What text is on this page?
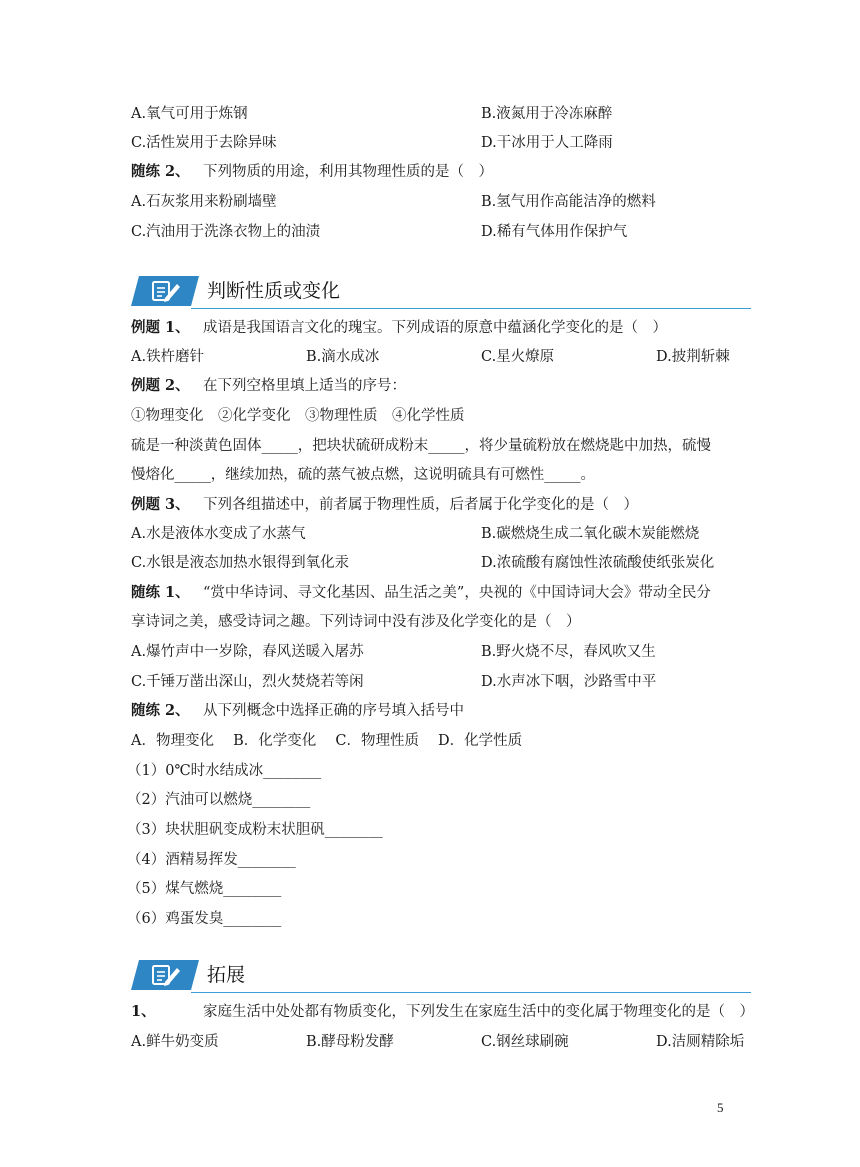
A.氧气可用于炼钢	B.液氮用于冷冻麻醉
C.活性炭用于去除异味	D.干冰用于人工降雨
随练 2、 下列物质的用途，利用其物理性质的是（　）
A.石灰浆用来粉刷墙壁	B.氢气用作高能洁净的燃料
C.汽油用于洗涤衣物上的油渍	D.稀有气体用作保护气
判断性质或变化
例题 1、 成语是我国语言文化的瑰宝。下列成语的原意中蕴涵化学变化的是（　）
A.铁杵磨针	B.滴水成冰	C.星火燎原	D.披荆斩棘
例题 2、 在下列空格里填上适当的序号：
①物理变化　②化学变化　③物理性质　④化学性质
硫是一种淡黄色固体_____，把块状硫研成粉末_____，将少量硫粉放在燃烧匙中加热，硫慢
慢熔化_____，继续加热，硫的蒸气被点燃，这说明硫具有可燃性_____。
例题 3、 下列各组描述中，前者属于物理性质，后者属于化学变化的是（　）
A.水是液体水变成了水蒸气	B.碳燃烧生成二氧化碳木炭能燃烧
C.水银是液态加热水银得到氧化汞	D.浓硫酸有腐蚀性浓硫酸使纸张炭化
随练 1、 “赏中华诗词、寻文化基因、品生活之美”，央视的《中国诗词大会》带动全民分
享诗词之美，感受诗词之趣。下列诗词中没有涉及化学变化的是（　）
A.爆竹声中一岁除，春风送暖入屠苏	B.野火烧不尽，春风吹又生
C.千锤万凿出深山，烈火焚烧若等闲	D.水声冰下咽，沙路雪中平
随练 2、 从下列概念中选择正确的序号填入括号中
A．物理变化　 B．化学变化　 C．物理性质　 D．化学性质
（1）0℃时水结成冰________
（2）汽油可以燃烧________
（3）块状胆矾变成粉末状胆矾________
（4）酒精易挥发________
（5）煤气燃烧________
（6）鸡蛋发臭________
拓展
1、	家庭生活中处处都有物质变化，下列发生在家庭生活中的变化属于物理变化的是（　）
A.鲜牛奶变质	B.酵母粉发酵	C.钢丝球刷碗	D.洁厕精除垢
5
